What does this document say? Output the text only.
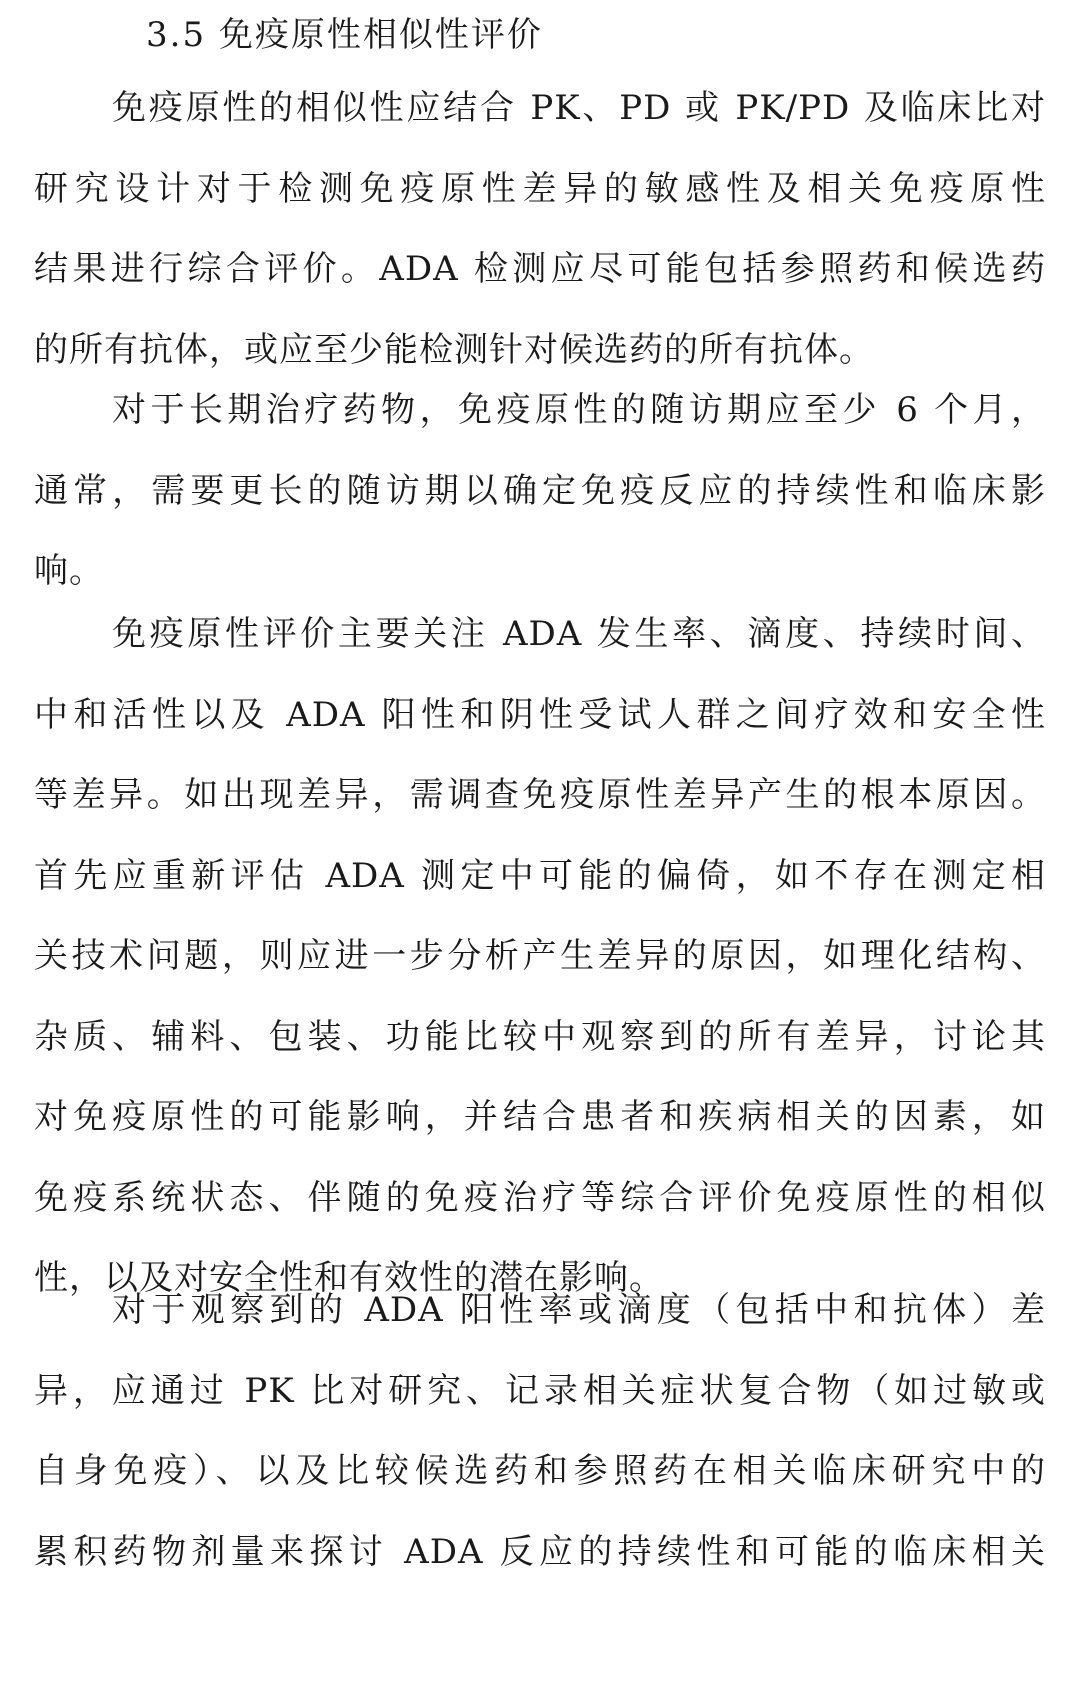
3.5 免疫原性相似性评价
免疫原性的相似性应结合 PK、PD 或 PK/PD 及临床比对
研究设计对于检测免疫原性差异的敏感性及相关免疫原性
结果进行综合评价。ADA 检测应尽可能包括参照药和候选药
的所有抗体，或应至少能检测针对候选药的所有抗体。
对于长期治疗药物，免疫原性的随访期应至少 6 个月，
通常，需要更长的随访期以确定免疫反应的持续性和临床影
响。
免疫原性评价主要关注 ADA 发生率、滴度、持续时间、
中和活性以及 ADA 阳性和阴性受试人群之间疗效和安全性
等差异。如出现差异，需调查免疫原性差异产生的根本原因。
首先应重新评估 ADA 测定中可能的偏倚，如不存在测定相
关技术问题，则应进一步分析产生差异的原因，如理化结构、
杂质、辅料、包装、功能比较中观察到的所有差异，讨论其
对免疫原性的可能影响，并结合患者和疾病相关的因素，如
免疫系统状态、伴随的免疫治疗等综合评价免疫原性的相似
性，以及对安全性和有效性的潜在影响。
对于观察到的 ADA 阳性率或滴度（包括中和抗体）差
异，应通过 PK 比对研究、记录相关症状复合物（如过敏或
自身免疫）、以及比较候选药和参照药在相关临床研究中的
累积药物剂量来探讨 ADA 反应的持续性和可能的临床相关
